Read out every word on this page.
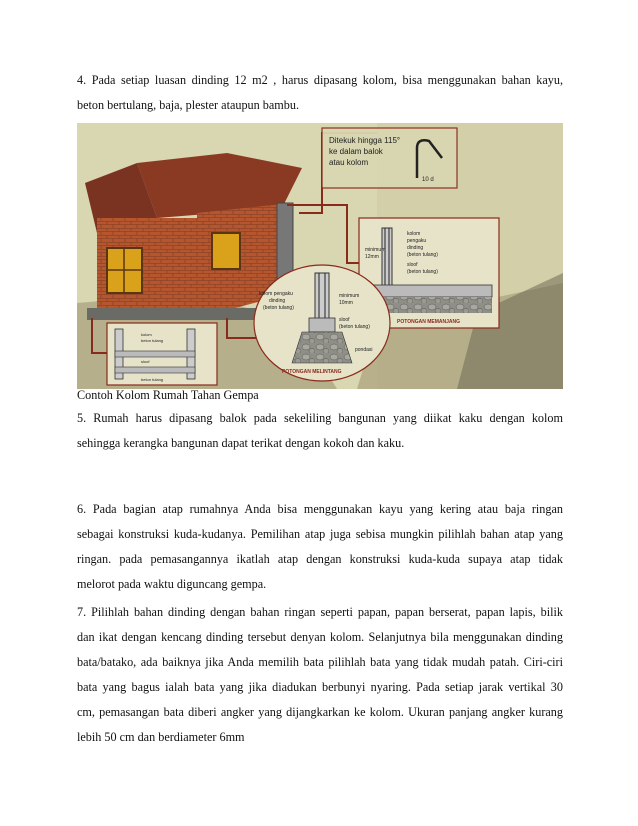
4. Pada setiap luasan dinding 12 m2 , harus dipasang kolom, bisa menggunakan bahan kayu,
beton bertulang, baja, plester ataupun bambu.
Ditekuk hingga 115°
ke dalam balok
atau kolom
10 d
kolom
pengaku
dinding
(beton tulang)
sloof
(beton tulang)
minimum
12mm
POTONGAN MEMANJANG
kolom pengaku
dinding
(beton tulang)
minimum
10mm
sloof
(beton tulang)
pondasi
POTONGAN MELINTANG
kolom
beton tulang
sloof
beton tulang
Contoh Kolom Rumah Tahan Gempa
5. Rumah harus dipasang balok pada sekeliling bangunan yang diikat kaku dengan kolom
sehingga kerangka bangunan dapat terikat dengan kokoh dan kaku.
6. Pada bagian atap rumahnya Anda bisa menggunakan kayu yang kering atau baja ringan
sebagai konstruksi kuda-kudanya. Pemilihan atap juga sebisa mungkin pilihlah bahan atap yang
ringan. pada pemasangannya ikatlah atap dengan konstruksi kuda-kuda supaya atap tidak
melorot pada waktu diguncang gempa.
7. Pilihlah bahan dinding dengan bahan ringan seperti papan, papan berserat, papan lapis, bilik
dan ikat dengan kencang dinding tersebut denyan kolom. Selanjutnya bila menggunakan dinding
bata/batako, ada baiknya jika Anda memilih bata pilihlah bata yang tidak mudah patah. Ciri-ciri
bata yang bagus ialah bata yang jika diadukan berbunyi nyaring. Pada setiap jarak vertikal 30
cm, pemasangan bata diberi angker yang dijangkarkan ke kolom. Ukuran panjang angker kurang
lebih 50 cm dan berdiameter 6mm
